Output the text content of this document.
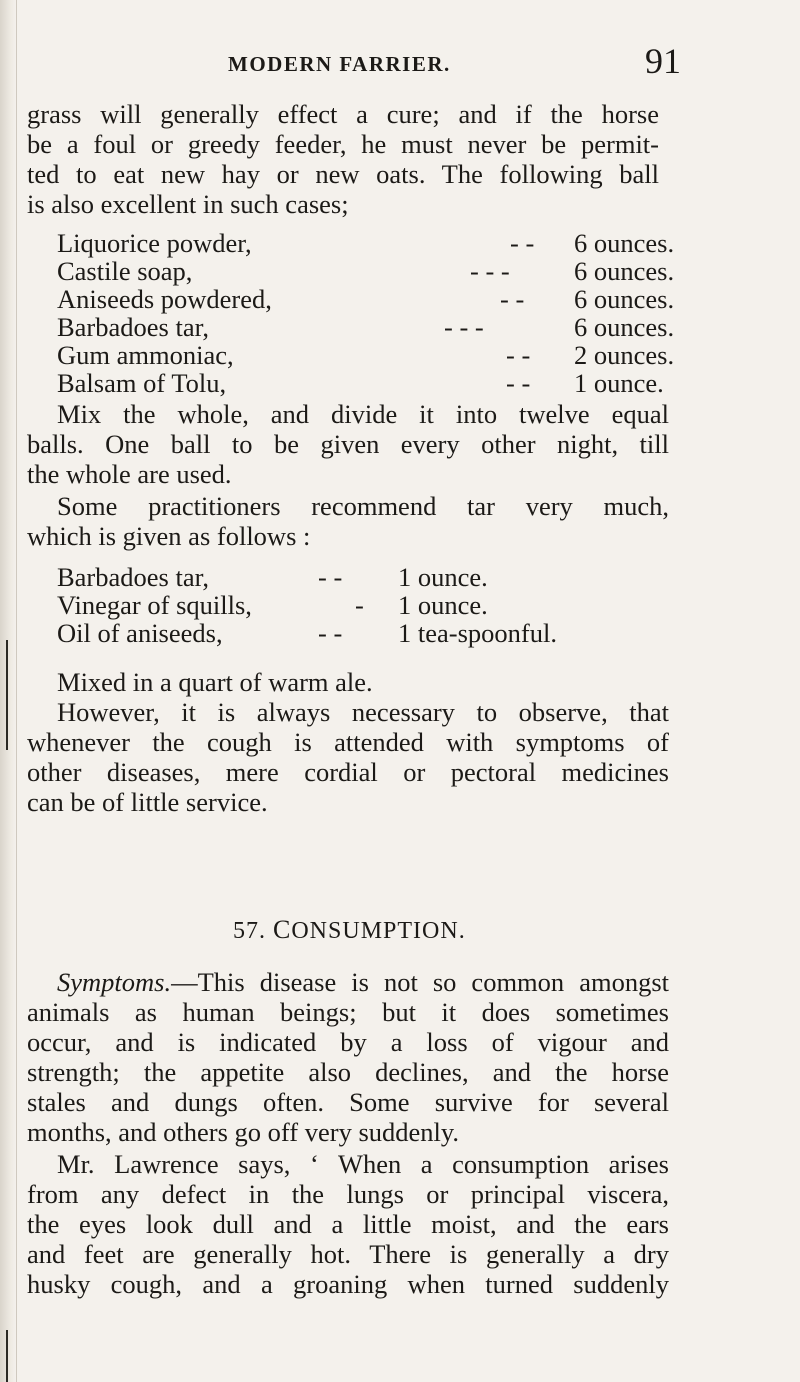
MODERN FARRIER.	91
grass will generally effect a cure; and if the horse
be a foul or greedy feeder, he must never be permit-
ted to eat new hay or new oats. The following ball
is also excellent in such cases;
Liquorice powder,	- - 6 ounces.
Castile soap,	- - - 6 ounces.
Aniseeds powdered,	- - 6 ounces.
Barbadoes tar,	- - -	6 ounces.
Gum ammoniac,	- - 2 ounces.
Balsam of Tolu,	- - 1 ounce.
Mix the whole, and divide it into twelve equal
balls. One ball to be given every other night, till
the whole are used.
Some practitioners recommend tar very much,
which is given as follows :
Barbadoes tar,	- - 1 ounce.
Vinegar of squills,	- 1 ounce.
Oil of aniseeds,	- - 1 tea-spoonful.
Mixed in a quart of warm ale.
However, it is always necessary to observe, that
whenever the cough is attended with symptoms of
other diseases, mere cordial or pectoral medicines
can be of little service.
57. CONSUMPTION.
Symptoms.—This disease is not so common amongst
animals as human beings; but it does sometimes
occur, and is indicated by a loss of vigour and
strength; the appetite also declines, and the horse
stales and dungs often. Some survive for several
months, and others go off very suddenly.
Mr. Lawrence says, ‘ When a consumption arises
from any defect in the lungs or principal viscera,
the eyes look dull and a little moist, and the ears
and feet are generally hot. There is generally a dry
husky cough, and a groaning when turned suddenly
